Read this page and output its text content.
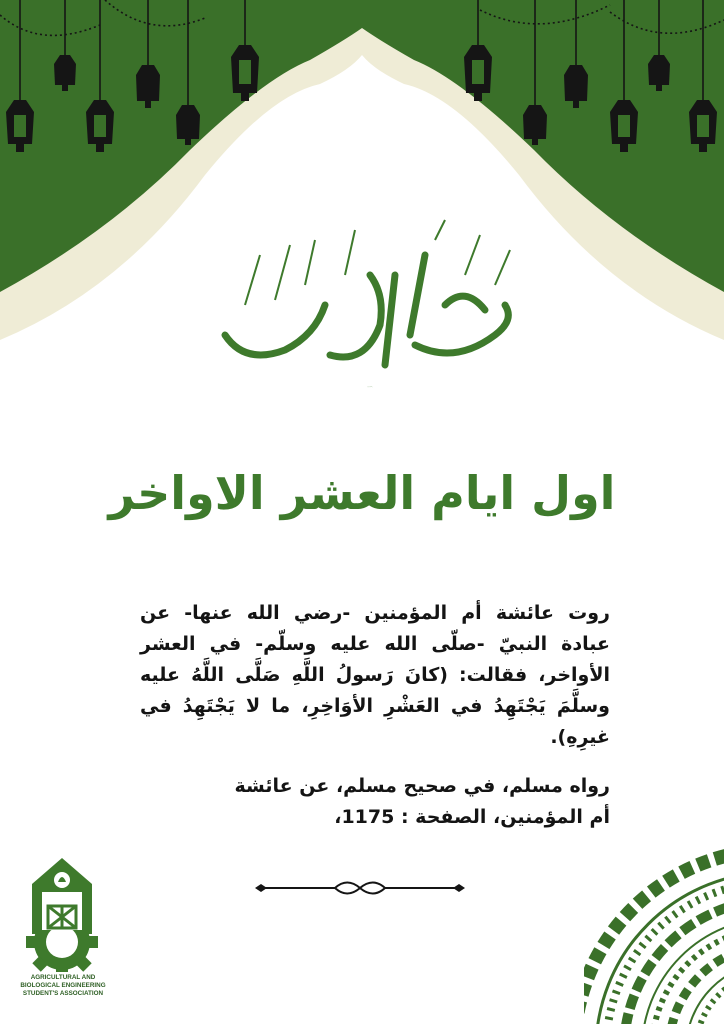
رمضان كريم
اول ايام العشر الاواخر
روت عائشة أم المؤمنين -رضي الله عنها- عن عبادة النبيّ -صلّى الله عليه وسلّم- في العشر الأواخر، فقالت: (كانَ رَسولُ اللَّهِ صَلَّى اللَّهُ عليه وسلَّمَ يَجْتَهِدُ في العَشْرِ الأوَاخِرِ، ما لا يَجْتَهِدُ في غيرِهِ).
رواه مسلم، في صحيح مسلم، عن عائشة أم المؤمنين، الصفحة : 1175،
AGRICULTURAL AND
BIOLOGICAL ENGINEERING
STUDENT'S ASSOCIATION
